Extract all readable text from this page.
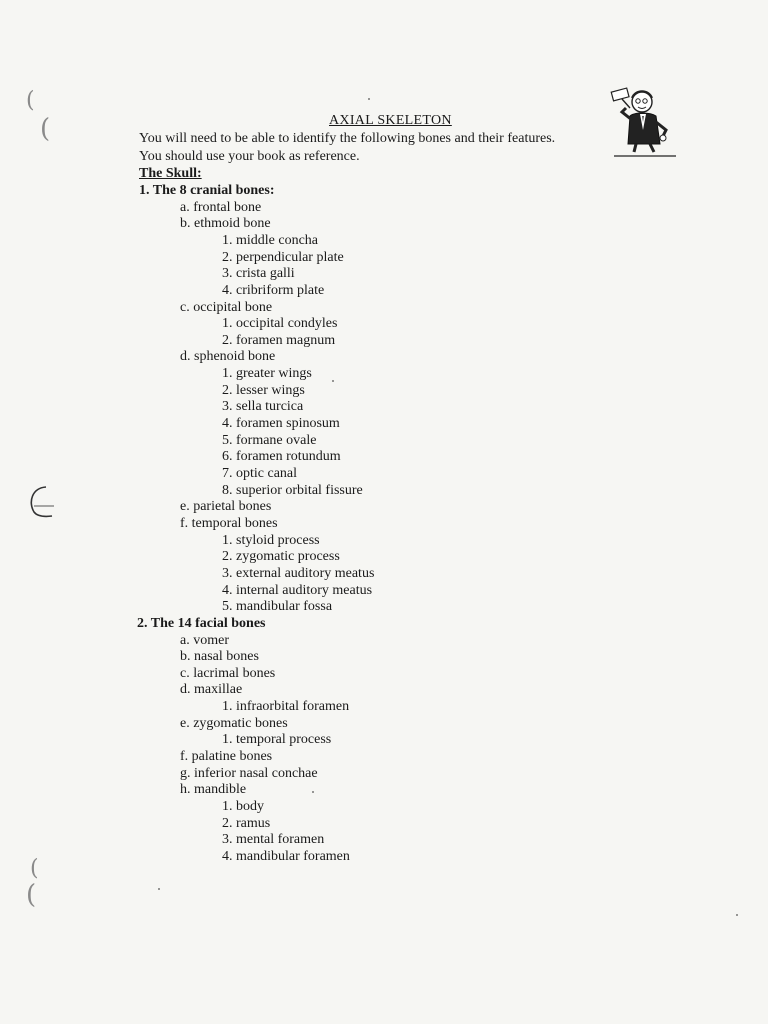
(
(
(
(
AXIAL SKELETON
You will need to be able to identify the following bones and their features.
You should use your book as reference.
The Skull:
1. The 8 cranial bones:
a. frontal bone
b. ethmoid bone
1. middle concha
2. perpendicular plate
3. crista galli
4. cribriform plate
c. occipital bone
1. occipital condyles
2. foramen magnum
d. sphenoid bone
1. greater wings
2. lesser wings
3. sella turcica
4. foramen spinosum
5. formane ovale
6. foramen rotundum
7. optic canal
8. superior orbital fissure
e. parietal bones
f. temporal bones
1. styloid process
2. zygomatic process
3. external auditory meatus
4. internal auditory meatus
5. mandibular fossa
2. The 14 facial bones
a. vomer
b. nasal bones
c. lacrimal bones
d. maxillae
1. infraorbital foramen
e. zygomatic bones
1. temporal process
f. palatine bones
g. inferior nasal conchae
h. mandible
1. body
2. ramus
3. mental foramen
4. mandibular foramen
